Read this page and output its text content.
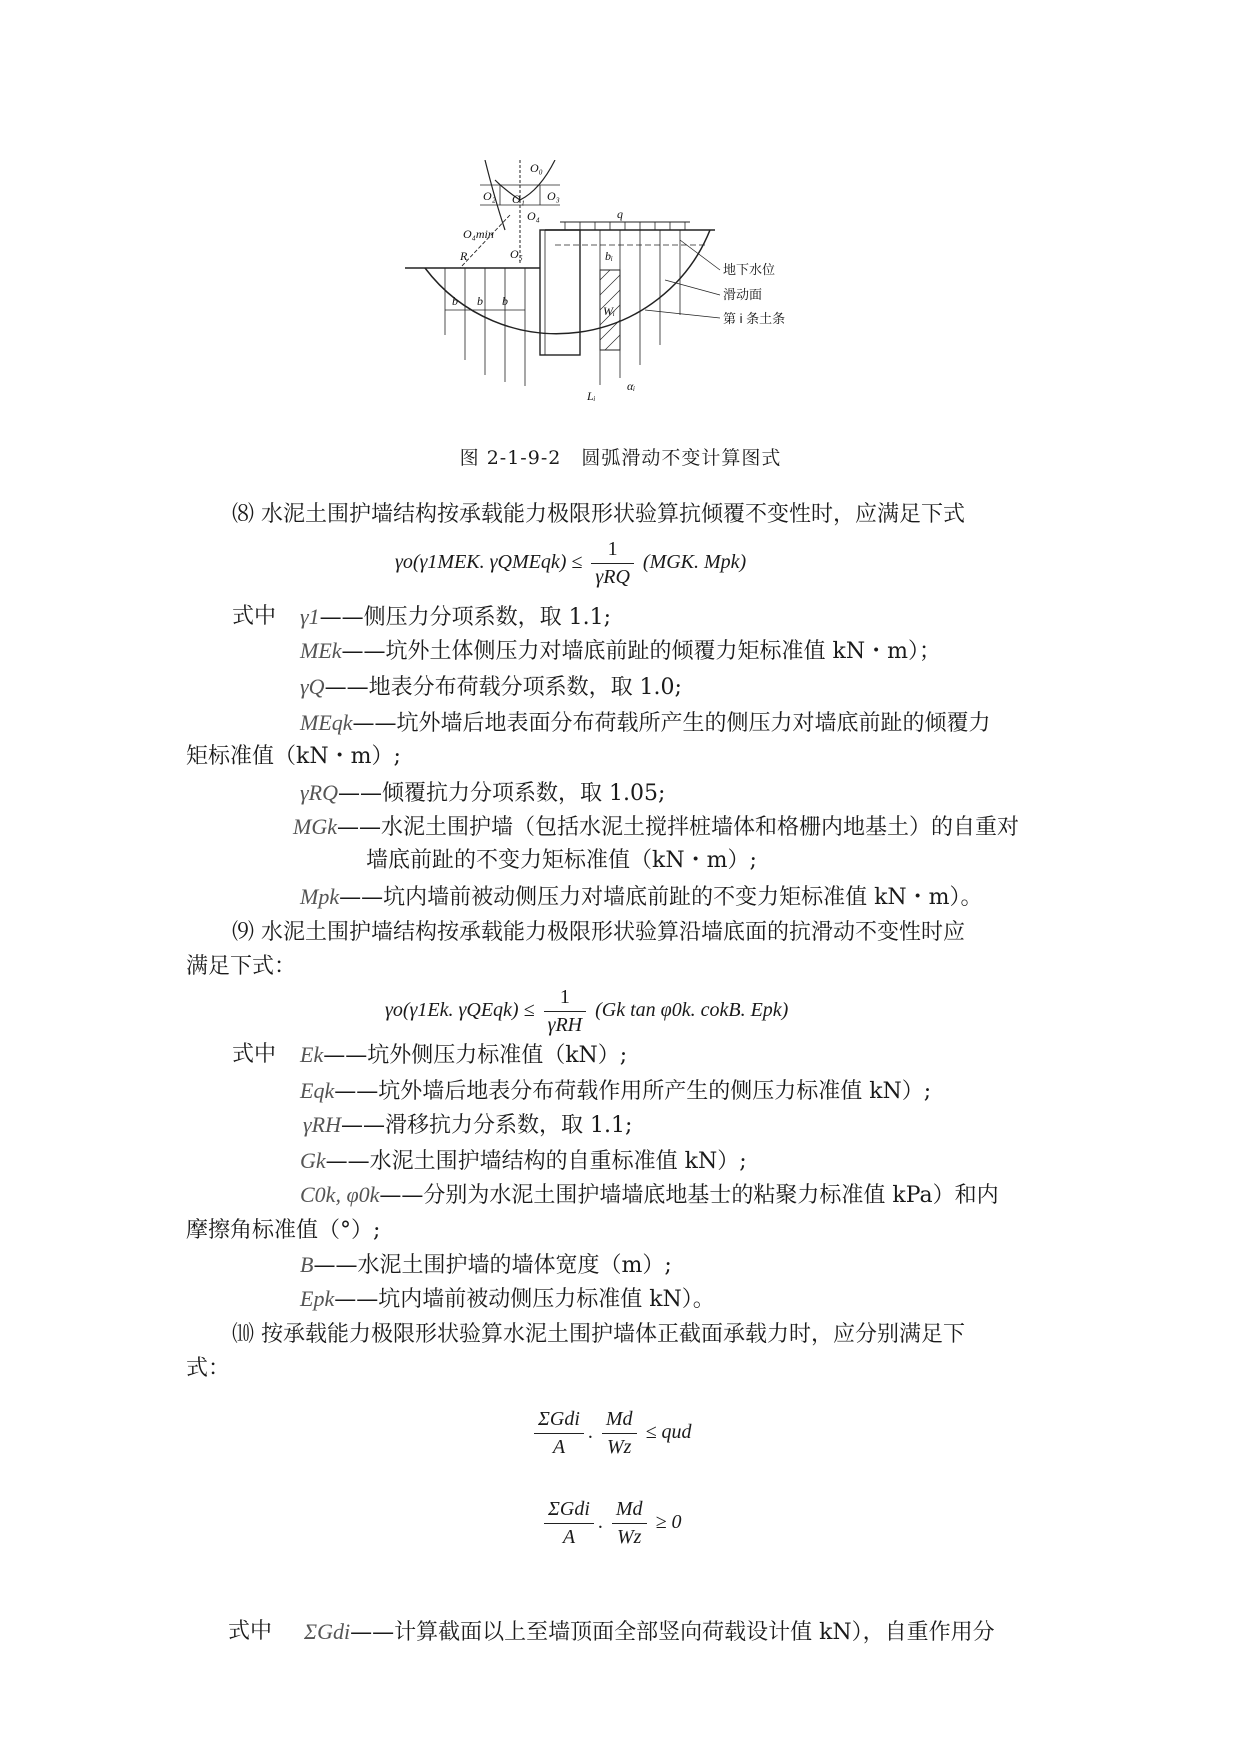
O₀
O₂ O₁ O₃
O₄
O₄min
O₅
q
R
b b b
bᵢ
Wᵢ
Lᵢ
αᵢ
地下水位
滑动面
第 i 条土条
图 2-1-9-2　圆弧滑动不变计算图式
⑻ 水泥土围护墙结构按承载能力极限形状验算抗倾覆不变性时，应满足下式
γo(γ1MEK. γQMEqk) ≤ $\frac{1}{\text{γRQ}} (MGK$. Mpk)
式中 γ1——侧压力分项系数，取 1.1;
MEk——坑外土体侧压力对墙底前趾的倾覆力矩标准值 kN・m）；
γQ——地表分布荷载分项系数，取 1.0;
MEqk——坑外墙后地表面分布荷载所产生的侧压力对墙底前趾的倾覆力
矩标准值（kN・m）;
γRQ——倾覆抗力分项系数，取 1.05;
MGk——水泥土围护墙（包括水泥土搅拌桩墙体和格栅内地基土）的自重对
墙底前趾的不变力矩标准值（kN・m）;
Mpk——坑内墙前被动侧压力对墙底前趾的不变力矩标准值 kN・m）。
⑼ 水泥土围护墙结构按承载能力极限形状验算沿墙底面的抗滑动不变性时应
满足下式：
γo(γ1Ek. γQEqk) ≤ $\frac{1}{\text{γRH}} (Gk$ tan φ0k. cokB. Epk)
式中 Ek——坑外侧压力标准值（kN）;
Eqk——坑外墙后地表分布荷载作用所产生的侧压力标准值 kN）;
γRH——滑移抗力分系数，取 1.1;
Gk——水泥土围护墙结构的自重标准值 kN）;
C0k, φ0k——分别为水泥土围护墙墙底地基士的粘聚力标准值 kPa）和内
摩擦角标准值（°）;
B——水泥土围护墙的墙体宽度（m）;
Epk——坑内墙前被动侧压力标准值 kN）。
⑽ 按承载能力极限形状验算水泥土围护墙体正截面承载力时，应分别满足下
式：
$\frac{\text{ΣGdi}}{A}$ . $\frac{Md}{Wz}$ ≤ qud
$\frac{\text{ΣGdi}}{A}$ . $\frac{Md}{Wz} \ge 0$
式中 ΣGdi——计算截面以上至墙顶面全部竖向荷载设计值 kN），自重作用分
